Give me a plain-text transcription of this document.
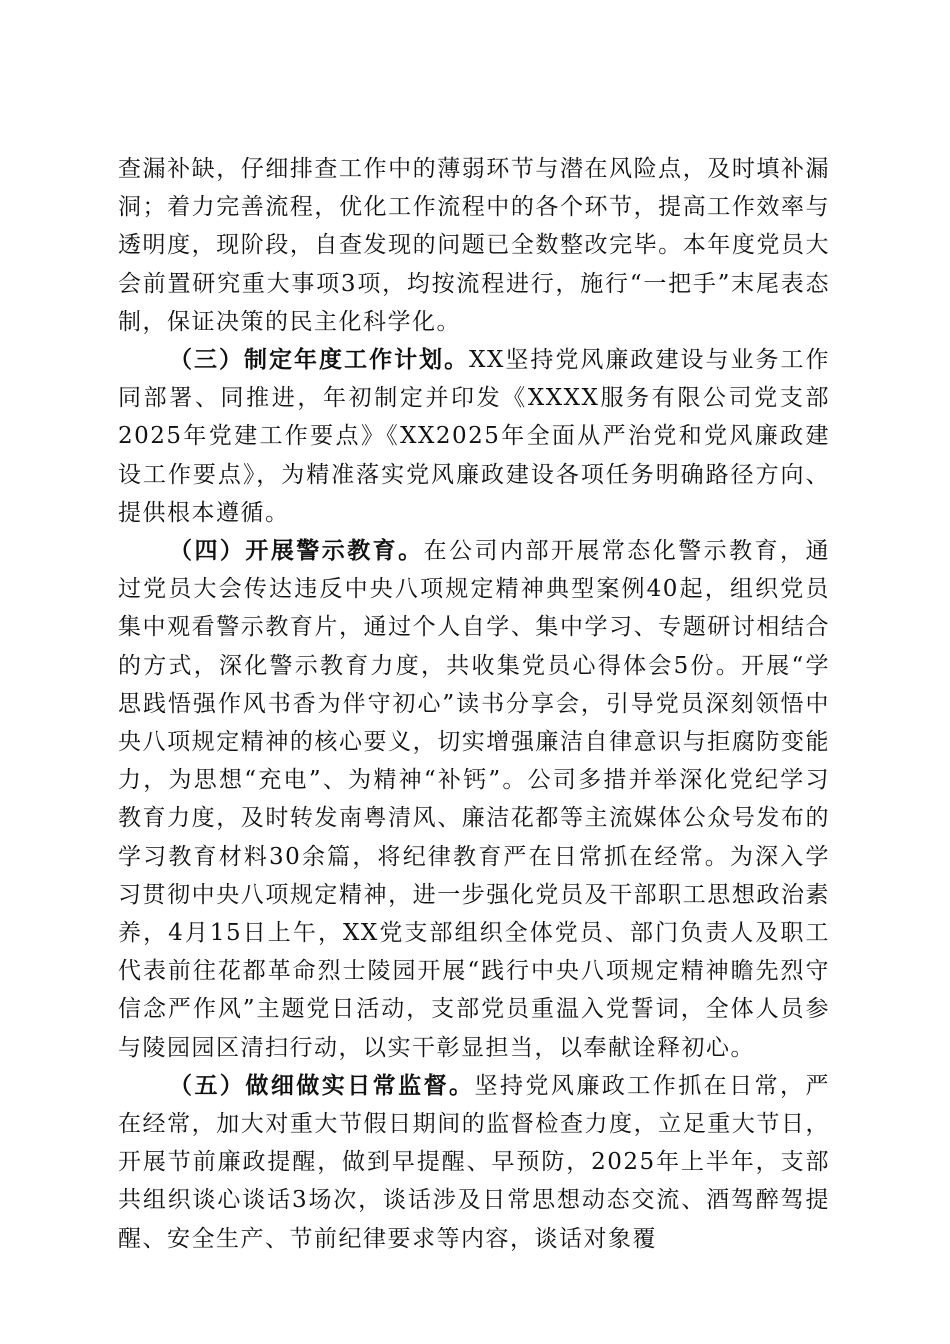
查漏补缺，仔细排查工作中的薄弱环节与潜在风险点，及时填补漏洞；着力完善流程，优化工作流程中的各个环节，提高工作效率与透明度，现阶段，自查发现的问题已全数整改完毕。本年度党员大会前置研究重大事项3项，均按流程进行，施行“一把手”末尾表态制，保证决策的民主化科学化。

（三）制定年度工作计划。XX坚持党风廉政建设与业务工作同部署、同推进，年初制定并印发《XXXX服务有限公司党支部2025年党建工作要点》《XX2025年全面从严治党和党风廉政建设工作要点》，为精准落实党风廉政建设各项任务明确路径方向、提供根本遵循。

（四）开展警示教育。在公司内部开展常态化警示教育，通过党员大会传达违反中央八项规定精神典型案例40起，组织党员集中观看警示教育片，通过个人自学、集中学习、专题研讨相结合的方式，深化警示教育力度，共收集党员心得体会5份。开展“学思践悟强作风书香为伴守初心”读书分享会，引导党员深刻领悟中央八项规定精神的核心要义，切实增强廉洁自律意识与拒腐防变能力，为思想“充电”、为精神“补钙”。公司多措并举深化党纪学习教育力度，及时转发南粤清风、廉洁花都等主流媒体公众号发布的学习教育材料30余篇，将纪律教育严在日常抓在经常。为深入学习贯彻中央八项规定精神，进一步强化党员及干部职工思想政治素养，4月15日上午，XX党支部组织全体党员、部门负责人及职工代表前往花都革命烈士陵园开展“践行中央八项规定精神瞻先烈守信念严作风”主题党日活动，支部党员重温入党誓词，全体人员参与陵园园区清扫行动，以实干彰显担当，以奉献诠释初心。

（五）做细做实日常监督。坚持党风廉政工作抓在日常，严在经常，加大对重大节假日期间的监督检查力度，立足重大节日，开展节前廉政提醒，做到早提醒、早预防，2025年上半年，支部共组织谈心谈话3场次，谈话涉及日常思想动态交流、酒驾醉驾提醒、安全生产、节前纪律要求等内容，谈话对象覆
